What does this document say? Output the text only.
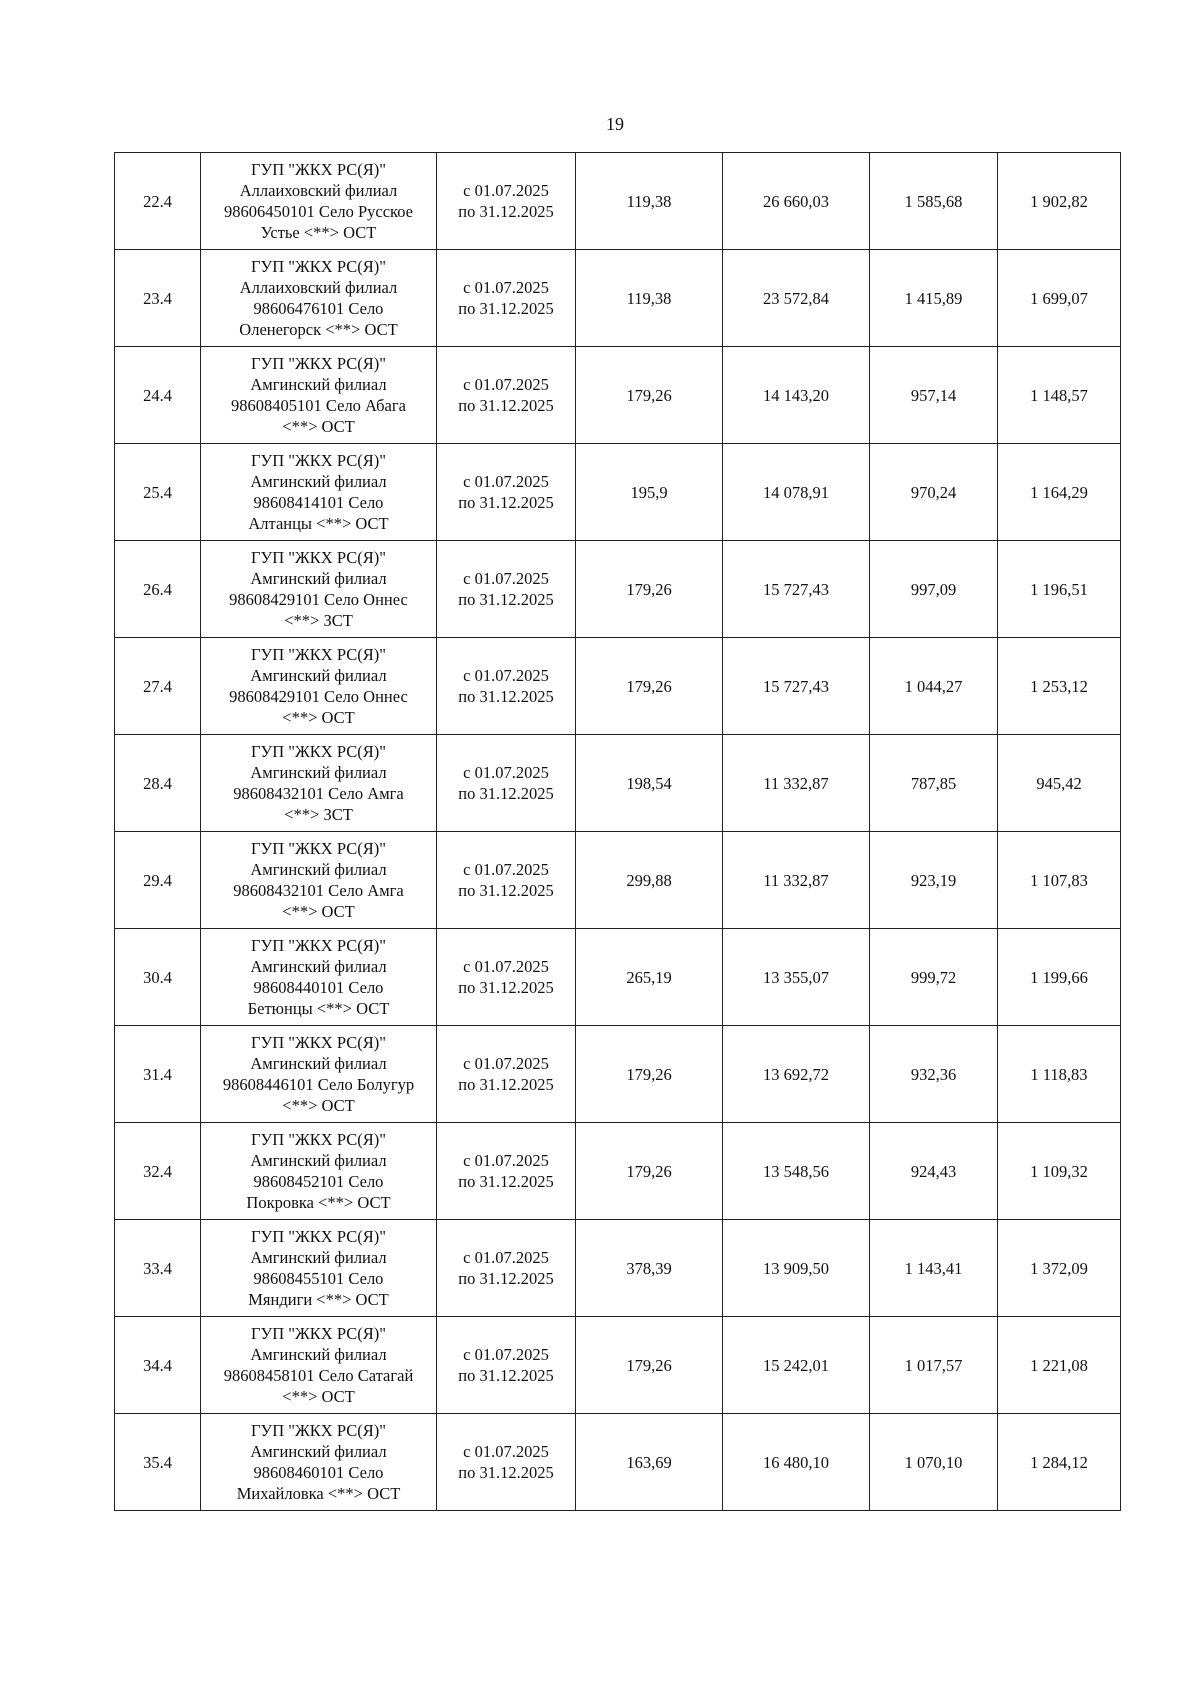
19
22.4	ГУП "ЖКХ РС(Я)"
Аллаиховский филиал
98606450101 Село Русское
Устье <**> ОСТ	с 01.07.2025
по 31.12.2025	119,38	26 660,03	1 585,68	1 902,82
23.4	ГУП "ЖКХ РС(Я)"
Аллаиховский филиал
98606476101 Село
Оленегорск <**> ОСТ	с 01.07.2025
по 31.12.2025	119,38	23 572,84	1 415,89	1 699,07
24.4	ГУП "ЖКХ РС(Я)"
Амгинский филиал
98608405101 Село Абага
<**> ОСТ	с 01.07.2025
по 31.12.2025	179,26	14 143,20	957,14	1 148,57
25.4	ГУП "ЖКХ РС(Я)"
Амгинский филиал
98608414101 Село
Алтанцы <**> ОСТ	с 01.07.2025
по 31.12.2025	195,9	14 078,91	970,24	1 164,29
26.4	ГУП "ЖКХ РС(Я)"
Амгинский филиал
98608429101 Село Оннес
<**> ЗСТ	с 01.07.2025
по 31.12.2025	179,26	15 727,43	997,09	1 196,51
27.4	ГУП "ЖКХ РС(Я)"
Амгинский филиал
98608429101 Село Оннес
<**> ОСТ	с 01.07.2025
по 31.12.2025	179,26	15 727,43	1 044,27	1 253,12
28.4	ГУП "ЖКХ РС(Я)"
Амгинский филиал
98608432101 Село Амга
<**> ЗСТ	с 01.07.2025
по 31.12.2025	198,54	11 332,87	787,85	945,42
29.4	ГУП "ЖКХ РС(Я)"
Амгинский филиал
98608432101 Село Амга
<**> ОСТ	с 01.07.2025
по 31.12.2025	299,88	11 332,87	923,19	1 107,83
30.4	ГУП "ЖКХ РС(Я)"
Амгинский филиал
98608440101 Село
Бетюнцы <**> ОСТ	с 01.07.2025
по 31.12.2025	265,19	13 355,07	999,72	1 199,66
31.4	ГУП "ЖКХ РС(Я)"
Амгинский филиал
98608446101 Село Болугур
<**> ОСТ	с 01.07.2025
по 31.12.2025	179,26	13 692,72	932,36	1 118,83
32.4	ГУП "ЖКХ РС(Я)"
Амгинский филиал
98608452101 Село
Покровка <**> ОСТ	с 01.07.2025
по 31.12.2025	179,26	13 548,56	924,43	1 109,32
33.4	ГУП "ЖКХ РС(Я)"
Амгинский филиал
98608455101 Село
Мяндиги <**> ОСТ	с 01.07.2025
по 31.12.2025	378,39	13 909,50	1 143,41	1 372,09
34.4	ГУП "ЖКХ РС(Я)"
Амгинский филиал
98608458101 Село Сатагай
<**> ОСТ	с 01.07.2025
по 31.12.2025	179,26	15 242,01	1 017,57	1 221,08
35.4	ГУП "ЖКХ РС(Я)"
Амгинский филиал
98608460101 Село
Михайловка <**> ОСТ	с 01.07.2025
по 31.12.2025	163,69	16 480,10	1 070,10	1 284,12
